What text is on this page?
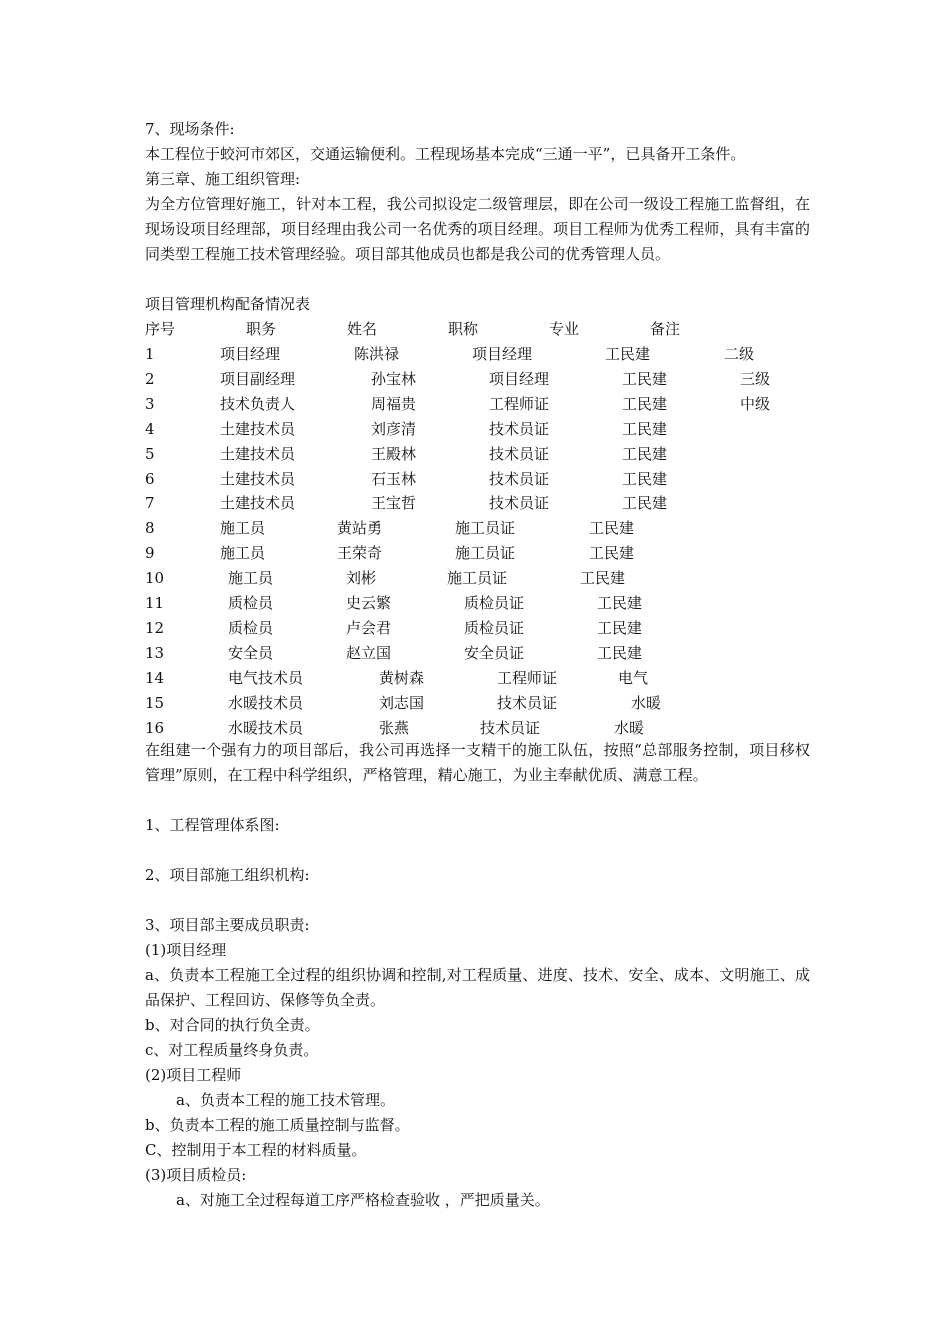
7、现场条件:
本工程位于蛟河市郊区，交通运输便利。工程现场基本完成“三通一平”，已具备开工条件。
第三章、施工组织管理:
为全方位管理好施工，针对本工程，我公司拟设定二级管理层，即在公司一级设工程施工监督组，在现场设项目经理部，项目经理由我公司一名优秀的项目经理。项目工程师为优秀工程师，具有丰富的同类型工程施工技术管理经验。项目部其他成员也都是我公司的优秀管理人员。
项目管理机构配备情况表
序号	职务	姓名	职称	专业	备注
1	项目经理	陈洪禄	项目经理	工民建	二级
2	项目副经理	孙宝林	项目经理	工民建	三级
3	技术负责人	周福贵	工程师证	工民建	中级
4	土建技术员	刘彦清	技术员证	工民建
5	土建技术员	王殿林	技术员证	工民建
6	土建技术员	石玉林	技术员证	工民建
7	土建技术员	王宝哲	技术员证	工民建
8	施工员	黄站勇	施工员证	工民建
9	施工员	王荣奇	施工员证	工民建
10	施工员	刘彬	施工员证	工民建
11	质检员	史云繁	质检员证	工民建
12	质检员	卢会君	质检员证	工民建
13	安全员	赵立国	安全员证	工民建
14	电气技术员	黄树森	工程师证	电气
15	水暖技术员	刘志国	技术员证	水暖
16	水暖技术员	张燕	技术员证	水暖
在组建一个强有力的项目部后，我公司再选择一支精干的施工队伍，按照“总部服务控制，项目移权管理”原则，在工程中科学组织，严格管理，精心施工，为业主奉献优质、满意工程。
1、工程管理体系图:
2、项目部施工组织机构:
3、项目部主要成员职责:
(1)项目经理
a、负责本工程施工全过程的组织协调和控制,对工程质量、进度、技术、安全、成本、文明施工、成品保护、工程回访、保修等负全责。
b、对合同的执行负全责。
c、对工程质量终身负责。
(2)项目工程师
a、负责本工程的施工技术管理。
b、负责本工程的施工质量控制与监督。
C、控制用于本工程的材料质量。
(3)项目质检员:
a、对施工全过程每道工序严格检查验收 ，严把质量关。
